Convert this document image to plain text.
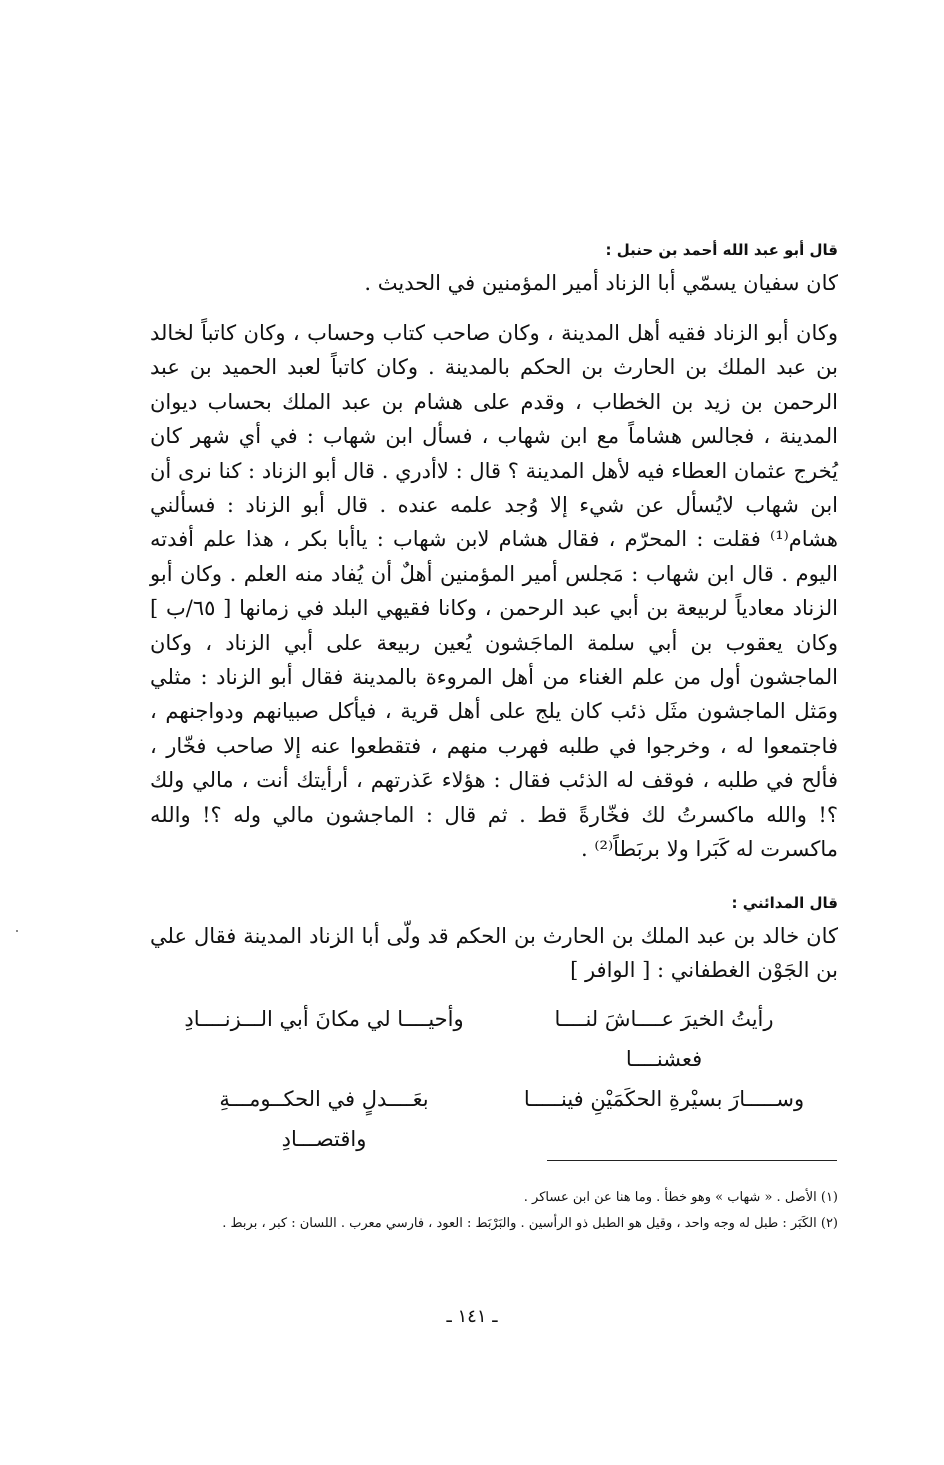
قال أبو عبد الله أحمد بن حنبل :

كان سفيان يسمّي أبا الزناد أمير المؤمنين في الحديث .

وكان أبو الزناد فقيه أهل المدينة ، وكان صاحب كتاب وحساب ، وكان كاتباً لخالد بن عبد الملك بن الحارث بن الحكم بالمدينة . وكان كاتباً لعبد الحميد بن عبد الرحمن بن زيد بن الخطاب ، وقدم على هشام بن عبد الملك بحساب ديوان المدينة ، فجالس هشاماً مع ابن شهاب ، فسأل ابن شهاب : في أي شهر كان يُخرج عثمان العطاء فيه لأهل المدينة ؟ قال : لاأدري . قال أبو الزناد : كنا نرى أن ابن شهاب لايُسأل عن شيء إلا وُجد علمه عنده . قال أبو الزناد : فسألني هشام⁽¹⁾ فقلت : المحرّم ، فقال هشام لابن شهاب : ياأبا بكر ، هذا علم أفدته اليوم . قال ابن شهاب : مَجلس أمير المؤمنين أهلٌ أن يُفاد منه العلم . وكان أبو الزناد معادياً لربيعة بن أبي عبد الرحمن ، وكانا فقيهي البلد في زمانها [ ٦٥/ب ] وكان يعقوب بن أبي سلمة الماجَشون يُعين ربيعة على أبي الزناد ، وكان الماجشون أول من علم الغناء من أهل المروءة بالمدينة فقال أبو الزناد : مثلي ومَثل الماجشون مثَل ذئب كان يلج على أهل قرية ، فيأكل صبيانهم ودواجنهم ، فاجتمعوا له ، وخرجوا في طلبه فهرب منهم ، فتقطعوا عنه إلا صاحب فخّار ، فألح في طلبه ، فوقف له الذئب فقال : هؤلاء عَذرتهم ، أرأيتك أنت ، مالي ولك ؟! والله ماكسرتُ لك فخّارةً قط . ثم قال : الماجشون مالي وله ؟! والله ماكسرت له كَبَرا ولا بربَطاً⁽²⁾ .

قال المدائني :

كان خالد بن عبد الملك بن الحارث بن الحكم قد ولّى أبا الزناد المدينة فقال علي بن الجَوْن الغطفاني : [ الوافر ]

رأيتُ الخيرَ عــــاشَ لنــــا فعشنــــا
وأحيــــا لي مكانَ أبي الـــزنــــادِ
وســـــارَ بسيْرةِ الحكَمَيْنِ فينـــــا
بعَــــدلٍ في الحكــومـــةِ واقتصـــادِ

(١) الأصل . « شهاب » وهو خطأ . وما هنا عن ابن عساكر .

(٢) الكَبَر : طبل له وجه واحد ، وقيل هو الطبل ذو الرأسين . والبَرْبَط : العود ، فارسي معرب . اللسان : كبر ، بربط .

ـ ١٤١ ـ
